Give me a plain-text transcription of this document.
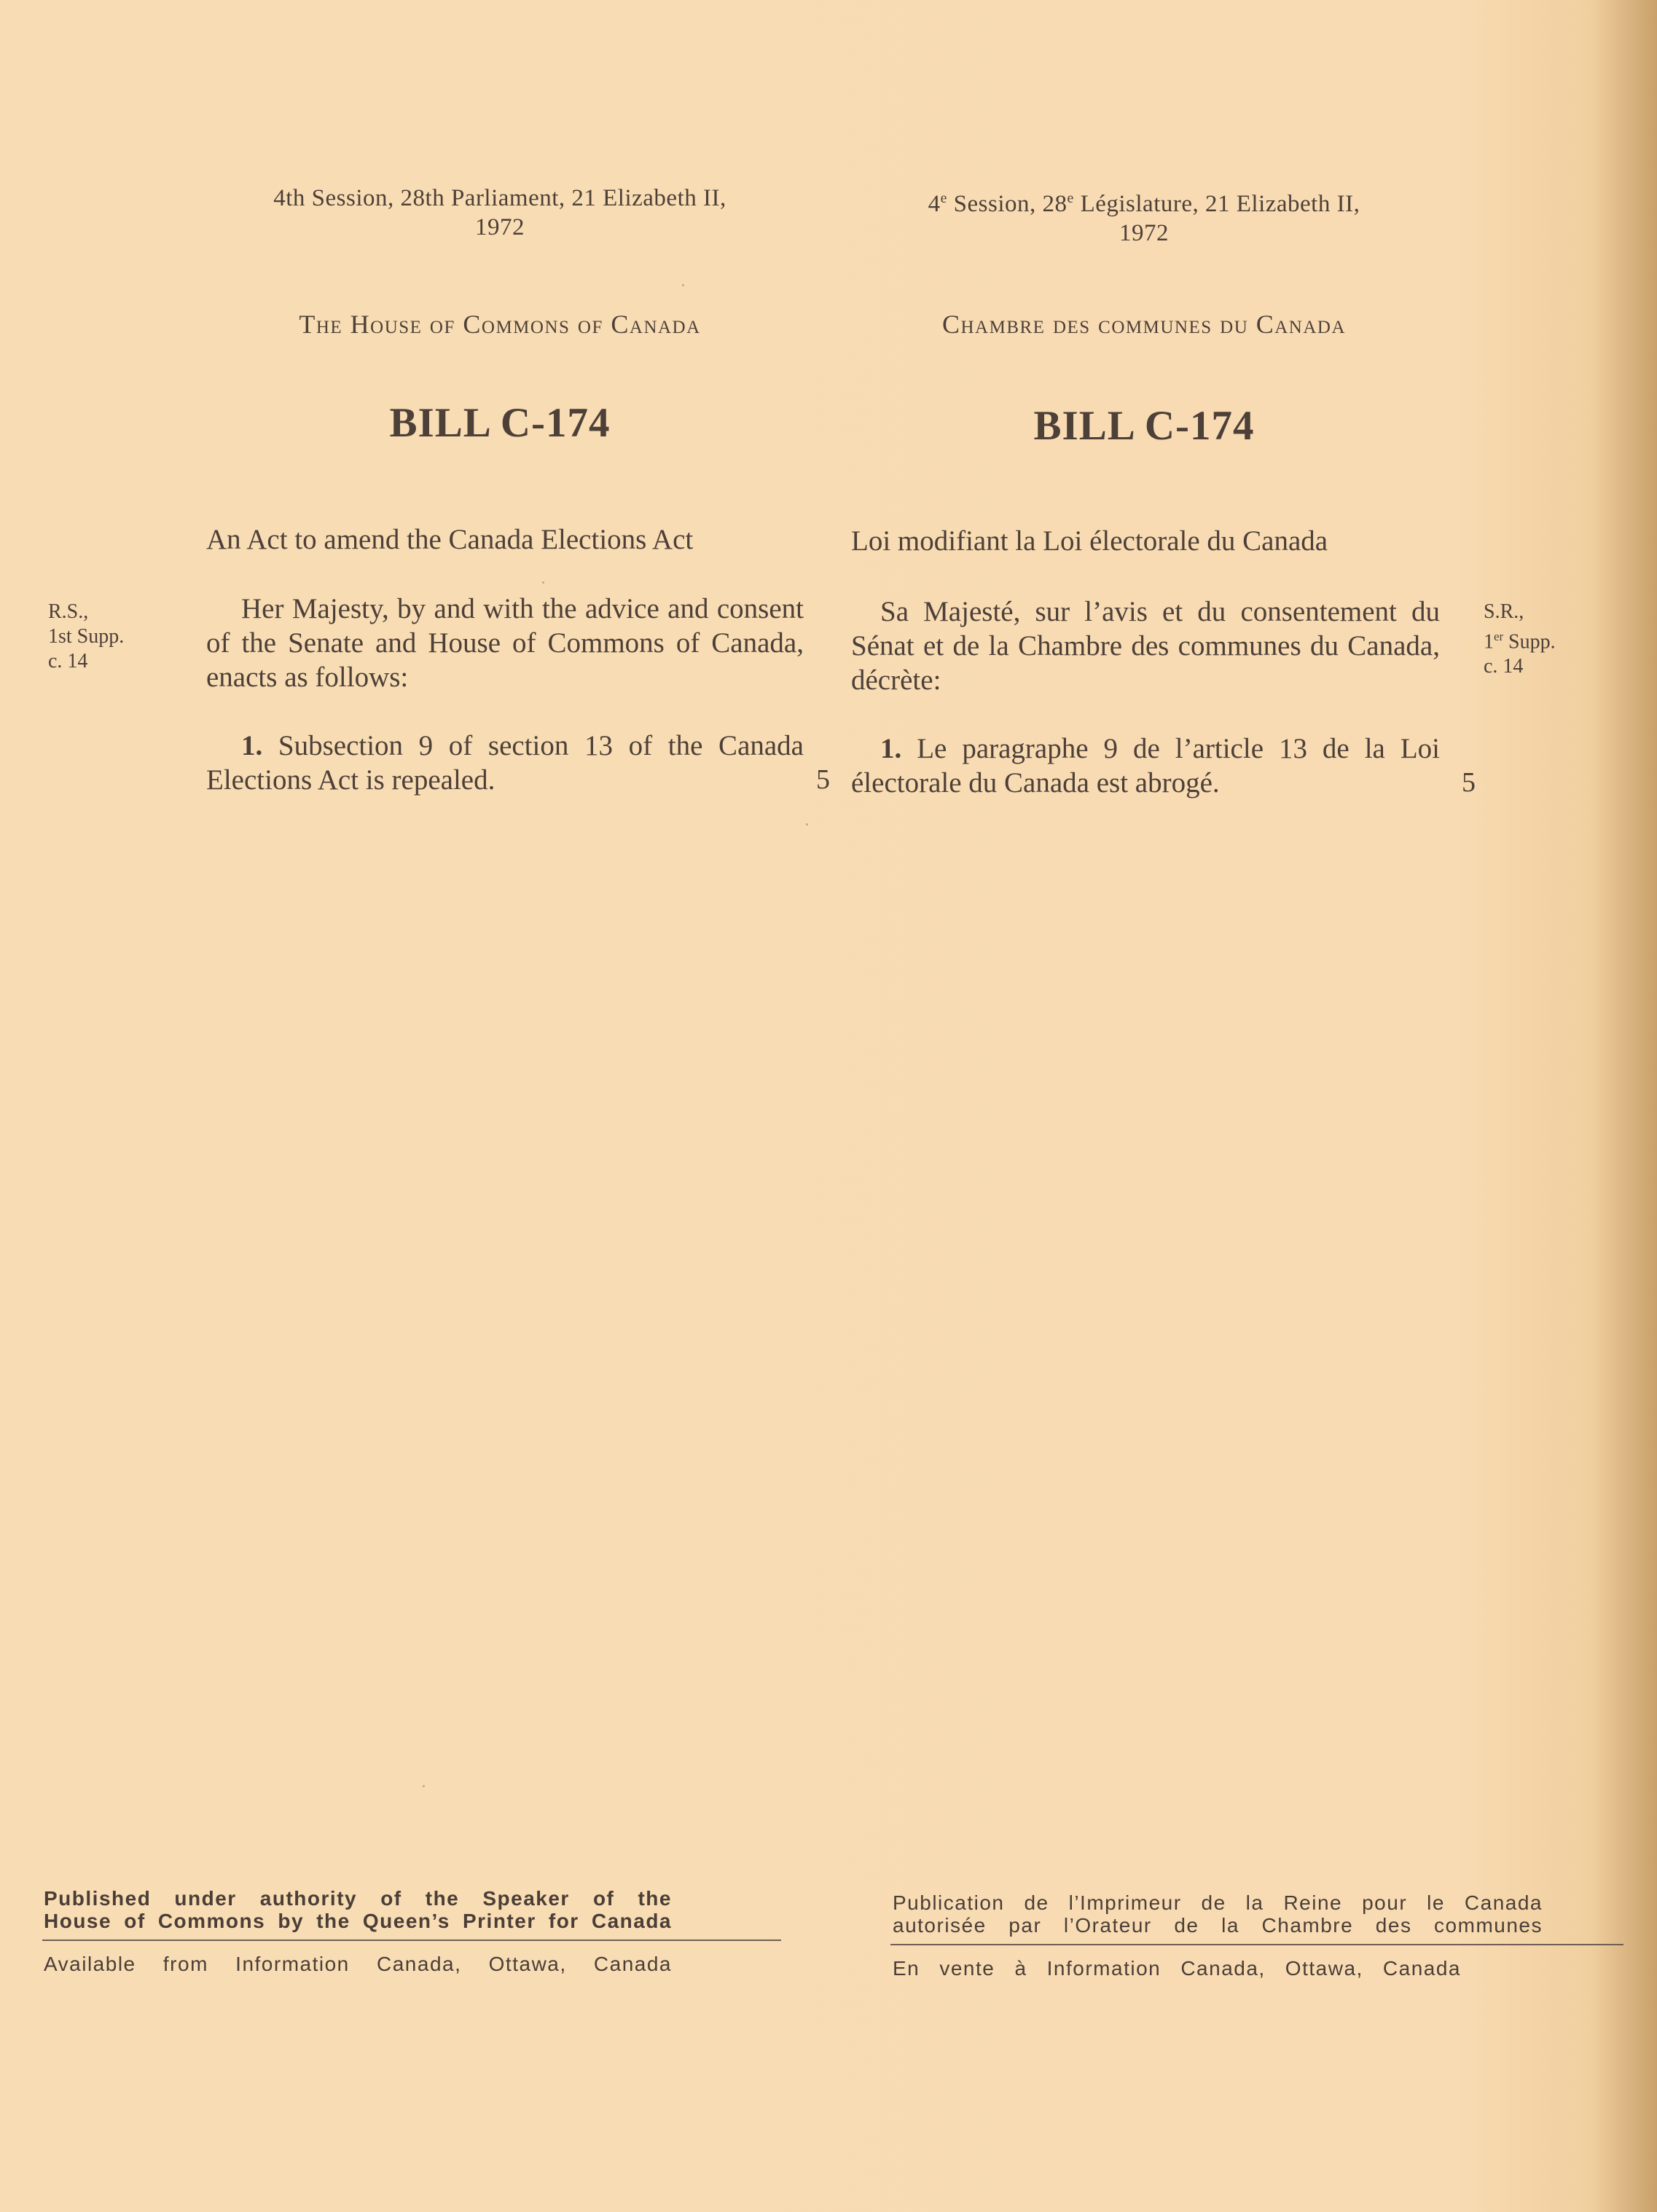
4th Session, 28th Parliament, 21 Elizabeth II,
1972
The House of Commons of Canada
BILL C-174
An Act to amend the Canada Elections Act
R.S.,
1st Supp.
c. 14
Her Majesty, by and with the advice and consent of the Senate and House of Commons of Canada, enacts as follows:
1. Subsection 9 of section 13 of the Canada Elections Act is repealed.	5
4e Session, 28e Législature, 21 Elizabeth II,
1972
Chambre des communes du Canada
BILL C-174
Loi modifiant la Loi électorale du Canada
Sa Majesté, sur l’avis et du consentement du Sénat et de la Chambre des communes du Canada, décrète:
S.R.,
1er Supp.
c. 14
1. Le paragraphe 9 de l’article 13 de la Loi électorale du Canada est abrogé.	5
Published under authority of the Speaker of the
House of Commons by the Queen’s Printer for Canada
Available from Information Canada, Ottawa, Canada
Publication de l’Imprimeur de la Reine pour le Canada
autorisée par l’Orateur de la Chambre des communes
En vente à Information Canada, Ottawa, Canada
